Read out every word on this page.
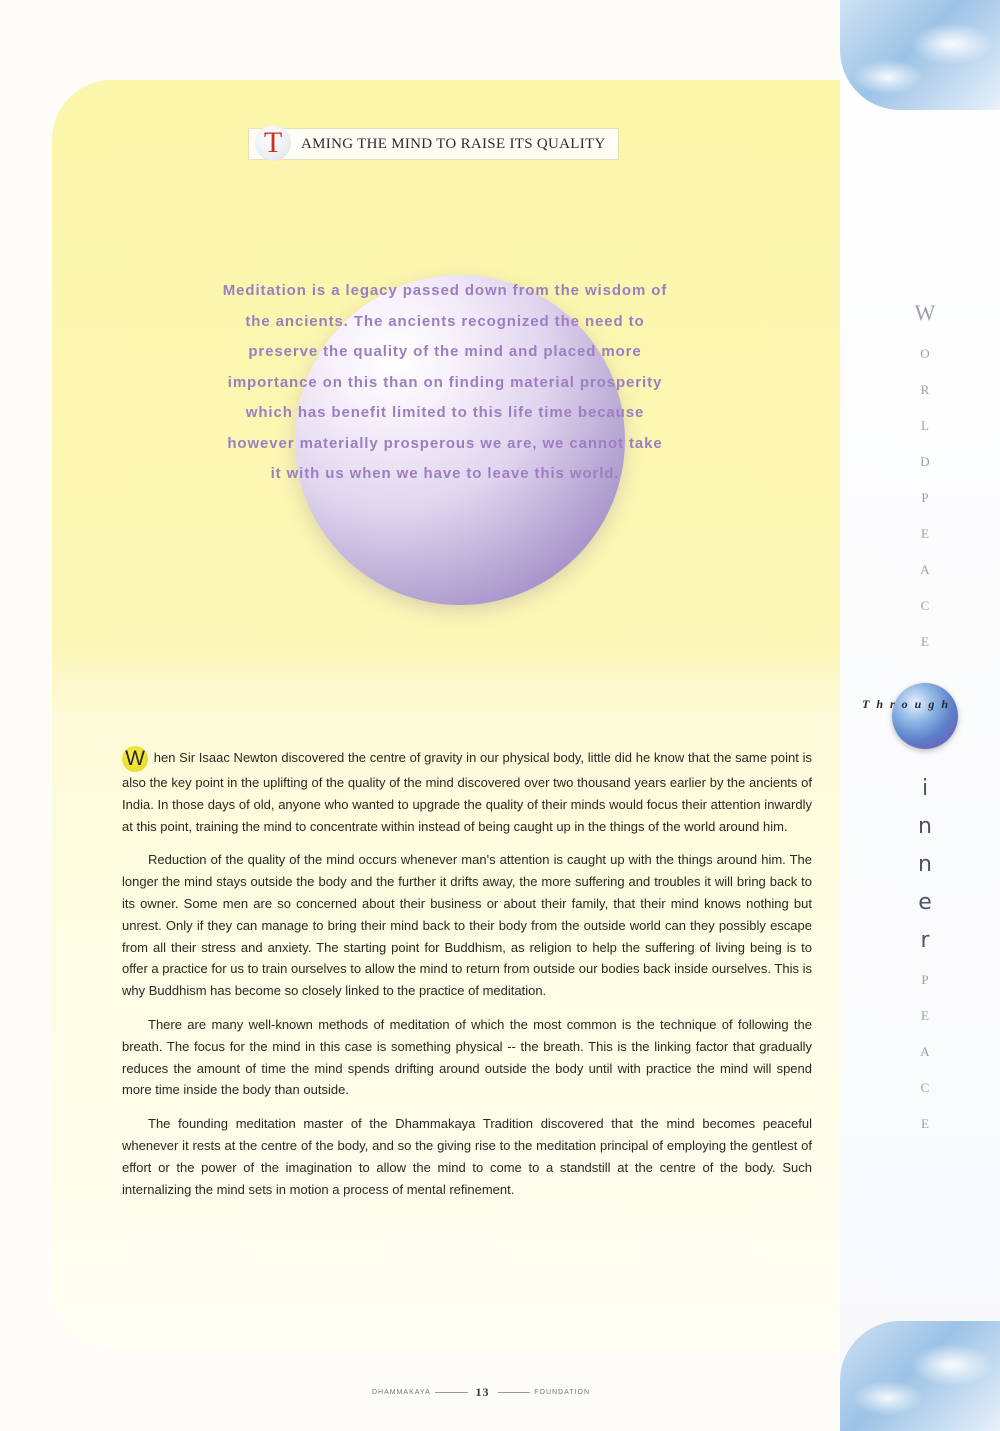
T	AMING THE MIND TO RAISE ITS QUALITY
Meditation is a legacy passed down from the wisdom of the ancients. The ancients recognized the need to preserve the quality of the mind and placed more importance on this than on finding material prosperity which has benefit limited to this life time because however materially prosperous we are, we cannot take it with us when we have to leave this world.

W hen Sir Isaac Newton discovered the centre of gravity in our physical body, little did he know that the same point is also the key point in the uplifting of the quality of the mind discovered over two thousand years earlier by the ancients of India. In those days of old, anyone who wanted to upgrade the quality of their minds would focus their attention inwardly at this point, training the mind to concentrate within instead of being caught up in the things of the world around him.

Reduction of the quality of the mind occurs whenever man's attention is caught up with the things around him. The longer the mind stays outside the body and the further it drifts away, the more suffering and troubles it will bring back to its owner. Some men are so concerned about their business or about their family, that their mind knows nothing but unrest. Only if they can manage to bring their mind back to their body from the outside world can they possibly escape from all their stress and anxiety. The starting point for Buddhism, as religion to help the suffering of living being is to offer a practice for us to train ourselves to allow the mind to return from outside our bodies back inside ourselves. This is why Buddhism has become so closely linked to the practice of meditation.

There are many well-known methods of meditation of which the most common is the technique of following the breath. The focus for the mind in this case is something physical -- the breath. This is the linking factor that gradually reduces the amount of time the mind spends drifting around outside the body until with practice the mind will spend more time inside the body than outside.

The founding meditation master of the Dhammakaya Tradition discovered that the mind becomes peaceful whenever it rests at the centre of the body, and so the giving rise to the meditation principal of employing the gentlest of effort or the power of the imagination to allow the mind to come to a standstill at the centre of the body. Such internalizing the mind sets in motion a process of mental refinement.

W
O
R
L
D
P
E
A
C
E
Through
i
n
n
e
r
P
E
A
C
E
DHAMMAKAYA	13	FOUNDATION
